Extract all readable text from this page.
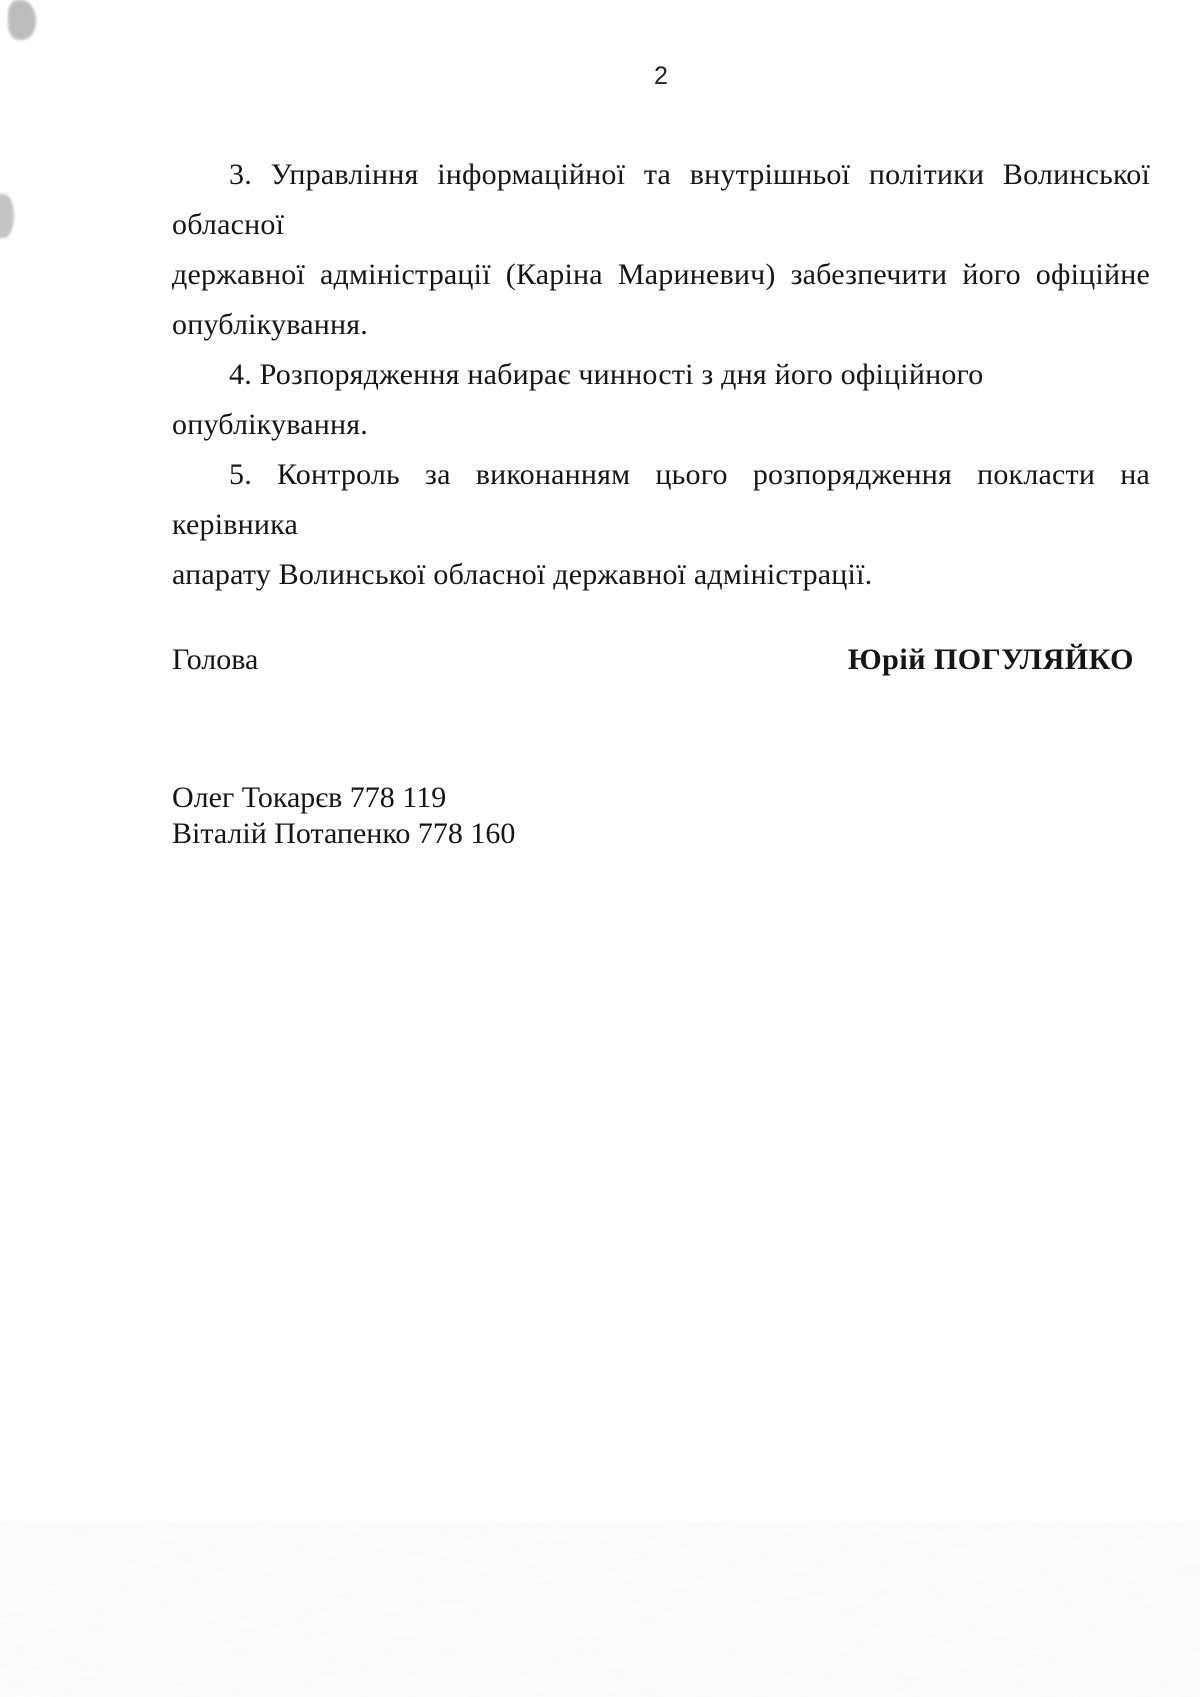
2
3. Управління інформаційної та внутрішньої політики Волинської обласної
державної адміністрації (Каріна Мариневич) забезпечити його офіційне
опублікування.
4. Розпорядження набирає чинності з дня його офіційного опублікування.
5. Контроль за виконанням цього розпорядження покласти на керівника
апарату Волинської обласної державної адміністрації.
Голова	Юрій ПОГУЛЯЙКО
Олег Токарєв 778 119
Віталій Потапенко 778 160
